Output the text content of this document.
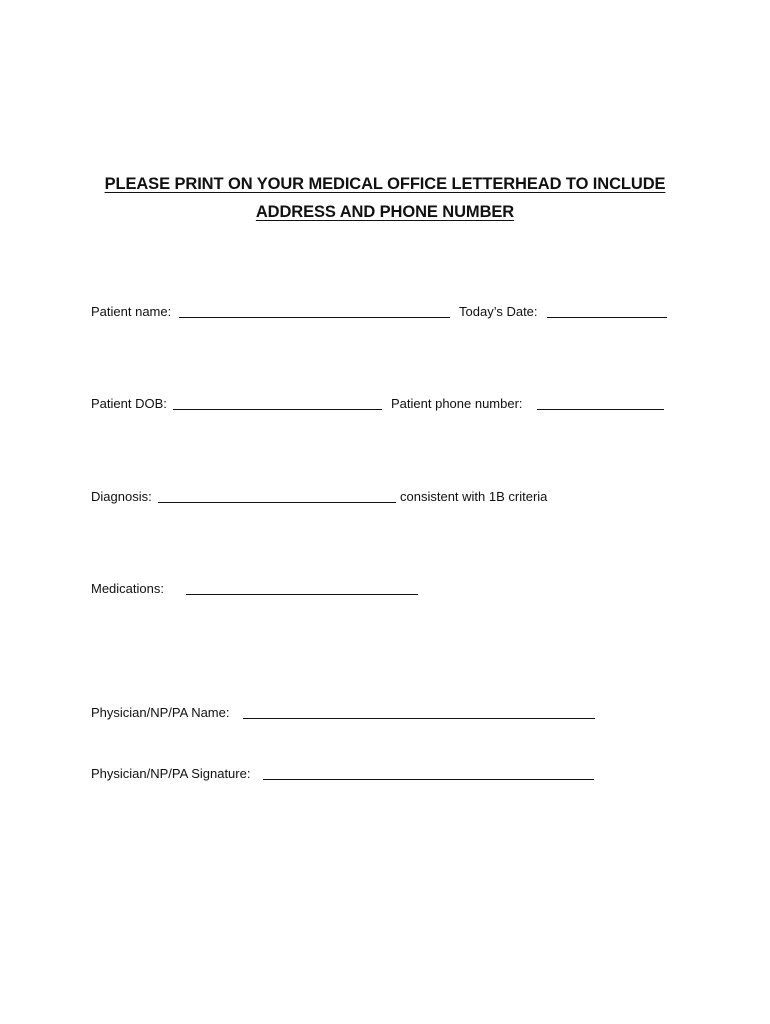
PLEASE PRINT ON YOUR MEDICAL OFFICE LETTERHEAD TO INCLUDE
ADDRESS AND PHONE NUMBER
Patient name:	Today’s Date:
Patient DOB:	Patient phone number:
Diagnosis:	consistent with 1B criteria
Medications:
Physician/NP/PA Name:
Physician/NP/PA Signature:
